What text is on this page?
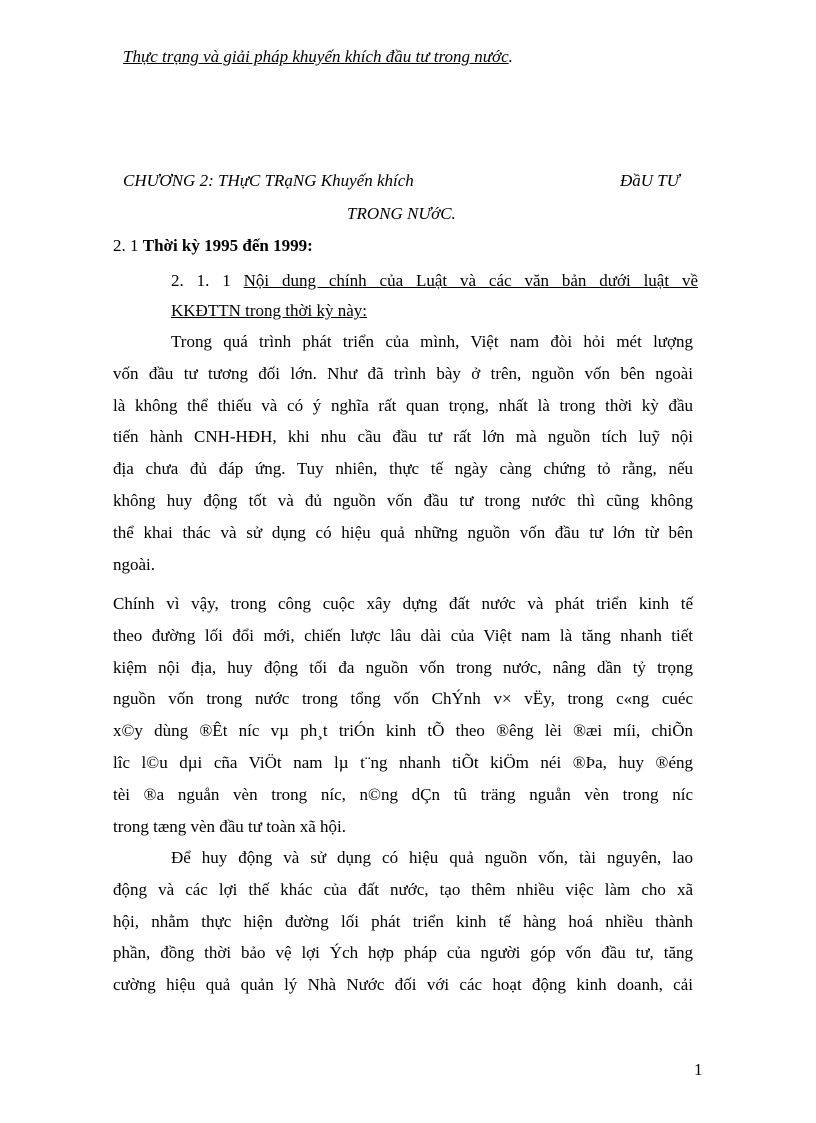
Thực trạng và giải pháp khuyến khích đầu tư trong nước.
CHƯƠNG 2: THựC TRạNG Khuyến khích	ĐầU TƯ
TRONG NƯớC.
2. 1 Thời kỳ 1995 đến 1999:
2. 1. 1 Nội dung chính của Luật và các văn bản dưới luật về
KKĐTTN trong thời kỳ này:
Trong quá trình phát triển của mình, Việt nam đòi hỏi mét lượng
vốn đầu tư tương đối lớn. Như đã trình bày ở trên, nguồn vốn bên ngoài
là không thể thiếu và có ý nghĩa rất quan trọng, nhất là trong thời kỳ đầu
tiến hành CNH-HĐH, khi nhu cầu đầu tư rất lớn mà nguồn tích luỹ nội
địa chưa đủ đáp ứng. Tuy nhiên, thực tế ngày càng chứng tỏ rằng, nếu
không huy động tốt và đủ nguồn vốn đầu tư trong nước thì cũng không
thể khai thác và sử dụng có hiệu quả những nguồn vốn đầu tư lớn từ bên
ngoài.
Chính vì vậy, trong công cuộc xây dựng đất nước và phát triển kinh tế
theo đường lối đổi mới, chiến lược lâu dài của Việt nam là tăng nhanh tiết
kiệm nội địa, huy động tối đa nguồn vốn trong nước, nâng dần tỷ trọng
nguồn vốn trong nước trong tổng vốn ChÝnh v× vËy, trong c«ng cuéc
x©y dùng ®Êt níc vµ ph¸t triÓn kinh tÕ theo ®êng lèi ®æi míi, chiÕn
lîc l©u dµi cña ViÖt nam lµ t¨ng nhanh tiÕt kiÖm néi ®Þa, huy ®éng
tèi ®a nguån vèn trong níc, n©ng dÇn tû träng nguån vèn trong níc
trong tæng vèn đầu tư toàn xã hội.
Để huy động và sử dụng có hiệu quả nguồn vốn, tài nguyên, lao
động và các lợi thế khác của đất nước, tạo thêm nhiều việc làm cho xã
hội, nhằm thực hiện đường lối phát triển kinh tế hàng hoá nhiều thành
phần, đồng thời bảo vệ lợi Ých hợp pháp của người góp vốn đầu tư, tăng
cường hiệu quả quản lý Nhà Nước đối với các hoạt động kinh doanh, cải
1
